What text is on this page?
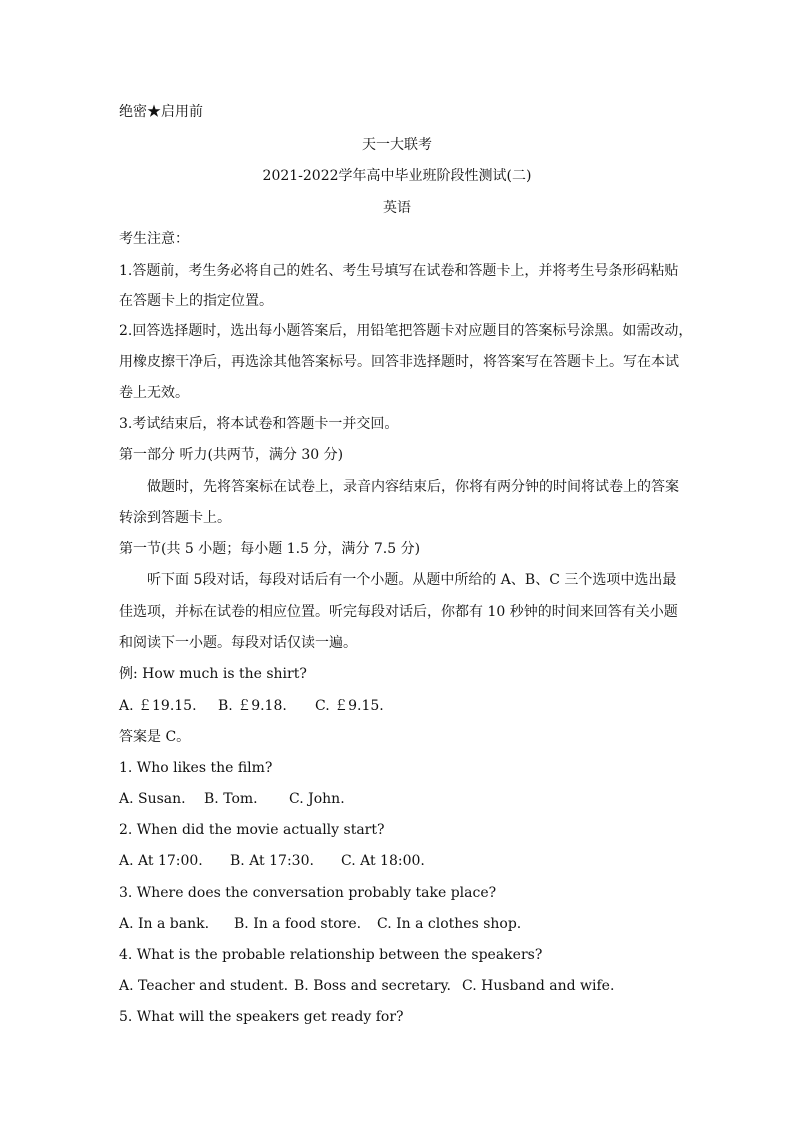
绝密★启用前
天一大联考
2021-2022学年高中毕业班阶段性测试(二)
英语
考生注意：
1.答题前，考生务必将自己的姓名、考生号填写在试卷和答题卡上，并将考生号条形码粘贴
在答题卡上的指定位置。
2.回答选择题时，选出每小题答案后，用铅笔把答题卡对应题目的答案标号涂黑。如需改动，
用橡皮擦干净后，再选涂其他答案标号。回答非选择题时，将答案写在答题卡上。写在本试
卷上无效。
3.考试结束后，将本试卷和答题卡一并交回。
第一部分 听力(共两节，满分 30 分)
做题时，先将答案标在试卷上，录音内容结束后，你将有两分钟的时间将试卷上的答案
转涂到答题卡上。
第一节(共 5 小题；每小题 1.5 分，满分 7.5 分)
听下面 5段对话，每段对话后有一个小题。从题中所给的 A、B、C 三个选项中选出最
佳选项，并标在试卷的相应位置。听完每段对话后，你都有 10 秒钟的时间来回答有关小题
和阅读下一小题。每段对话仅读一遍。
例: How much is the shirt?
A. ￡19.15. B. ￡9.18. C. ￡9.15.
答案是 C。
1. Who likes the film?
A. Susan. B. Tom. C. John.
2. When did the movie actually start?
A. At 17:00. B. At 17:30. C. At 18:00.
3. Where does the conversation probably take place?
A. In a bank. B. In a food store. C. In a clothes shop.
4. What is the probable relationship between the speakers?
A. Teacher and student. B. Boss and secretary. C. Husband and wife.
5. What will the speakers get ready for?
